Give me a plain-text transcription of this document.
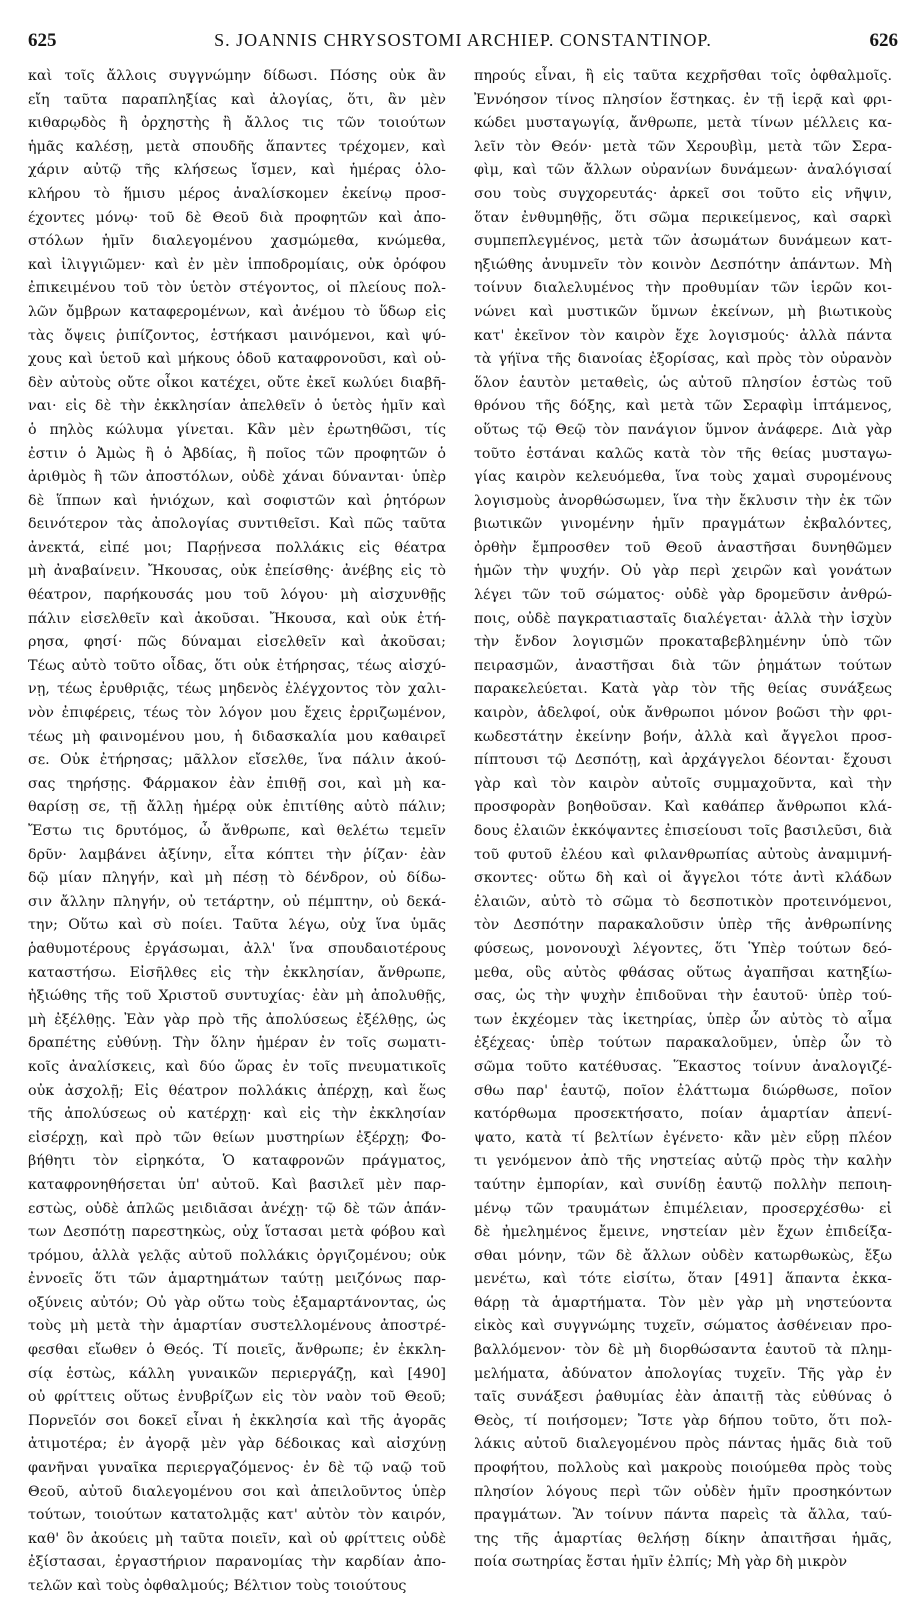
625	S. JOANNIS CHRYSOSTOMI ARCHIEP. CONSTANTINOP.	626
καὶ τοῖς ἄλλοις συγγνώμην δίδωσι. Πόσης οὐκ ἂν
εἴη ταῦτα παραπληξίας καὶ ἀλογίας, ὅτι, ἂν μὲν
κιθαρῳδὸς ἢ ὀρχηστὴς ἢ ἄλλος τις τῶν τοιούτων
ἡμᾶς καλέσῃ, μετὰ σπουδῆς ἅπαντες τρέχομεν, καὶ
χάριν αὐτῷ τῆς κλήσεως ἴσμεν, καὶ ἡμέρας ὁλο-
κλήρου τὸ ἥμισυ μέρος ἀναλίσκομεν ἐκείνῳ προσ-
έχοντες μόνῳ· τοῦ δὲ Θεοῦ διὰ προφητῶν καὶ ἀπο-
στόλων ἡμῖν διαλεγομένου χασμώμεθα, κνώμεθα,
καὶ ἰλιγγιῶμεν· καὶ ἐν μὲν ἱπποδρομίαις, οὐκ ὀρόφου
ἐπικειμένου τοῦ τὸν ὑετὸν στέγοντος, οἱ πλείους πολ-
λῶν ὄμβρων καταφερομένων, καὶ ἀνέμου τὸ ὕδωρ εἰς
τὰς ὄψεις ῥιπίζοντος, ἑστήκασι μαινόμενοι, καὶ ψύ-
χους καὶ ὑετοῦ καὶ μήκους ὁδοῦ καταφρονοῦσι, καὶ οὐ-
δὲν αὐτοὺς οὔτε οἶκοι κατέχει, οὔτε ἐκεῖ κωλύει διαβῆ-
ναι· εἰς δὲ τὴν ἐκκλησίαν ἀπελθεῖν ὁ ὑετὸς ἡμῖν καὶ
ὁ πηλὸς κώλυμα γίνεται. Κἂν μὲν ἐρωτηθῶσι, τίς
ἐστιν ὁ Ἀμὼς ἢ ὁ Ἀβδίας, ἢ ποῖος τῶν προφητῶν ὁ
ἀριθμὸς ἢ τῶν ἀποστόλων, οὐδὲ χάναι δύνανται· ὑπὲρ
δὲ ἵππων καὶ ἡνιόχων, καὶ σοφιστῶν καὶ ῥητόρων
δεινότερον τὰς ἀπολογίας συντιθεῖσι. Καὶ πῶς ταῦτα
ἀνεκτά, εἰπέ μοι; Παρῄνεσα πολλάκις εἰς θέατρα
μὴ ἀναβαίνειν. Ἤκουσας, οὐκ ἐπείσθης· ἀνέβης εἰς τὸ
θέατρον, παρήκουσάς μου τοῦ λόγου· μὴ αἰσχυνθῇς
πάλιν εἰσελθεῖν καὶ ἀκοῦσαι. Ἤκουσα, καὶ οὐκ ἐτή-
ρησα, φησί· πῶς δύναμαι εἰσελθεῖν καὶ ἀκοῦσαι;
Τέως αὐτὸ τοῦτο οἶδας, ὅτι οὐκ ἐτήρησας, τέως αἰσχύ-
νῃ, τέως ἐρυθριᾷς, τέως μηδενὸς ἐλέγχοντος τὸν χαλι-
νὸν ἐπιφέρεις, τέως τὸν λόγον μου ἔχεις ἐρριζωμένον,
τέως μὴ φαινομένου μου, ἡ διδασκαλία μου καθαιρεῖ
σε. Οὐκ ἐτήρησας; μᾶλλον εἴσελθε, ἵνα πάλιν ἀκού-
σας τηρήσῃς. Φάρμακον ἐὰν ἐπιθῇ σοι, καὶ μὴ κα-
θαρίσῃ σε, τῇ ἄλλῃ ἡμέρᾳ οὐκ ἐπιτίθης αὐτὸ πάλιν;
Ἔστω τις δρυτόμος, ὦ ἄνθρωπε, καὶ θελέτω τεμεῖν
δρῦν· λαμβάνει ἀξίνην, εἶτα κόπτει τὴν ῥίζαν· ἐὰν
δῷ μίαν πληγήν, καὶ μὴ πέσῃ τὸ δένδρον, οὐ δίδω-
σιν ἄλλην πληγήν, οὐ τετάρτην, οὐ πέμπτην, οὐ δεκά-
την; Οὕτω καὶ σὺ ποίει. Ταῦτα λέγω, οὐχ ἵνα ὑμᾶς
ῥαθυμοτέρους ἐργάσωμαι, ἀλλ' ἵνα σπουδαιοτέρους
καταστήσω. Εἰσῆλθες εἰς τὴν ἐκκλησίαν, ἄνθρωπε,
ἠξιώθης τῆς τοῦ Χριστοῦ συντυχίας· ἐὰν μὴ ἀπολυθῇς,
μὴ ἐξέλθῃς. Ἐὰν γὰρ πρὸ τῆς ἀπολύσεως ἐξέλθῃς, ὡς
δραπέτης εὐθύνῃ. Τὴν ὅλην ἡμέραν ἐν τοῖς σωματι-
κοῖς ἀναλίσκεις, καὶ δύο ὥρας ἐν τοῖς πνευματικοῖς
οὐκ ἀσχολῇ; Εἰς θέατρον πολλάκις ἀπέρχῃ, καὶ ἕως
τῆς ἀπολύσεως οὐ κατέρχῃ· καὶ εἰς τὴν ἐκκλησίαν
εἰσέρχῃ, καὶ πρὸ τῶν θείων μυστηρίων ἐξέρχῃ; Φο-
βήθητι τὸν εἰρηκότα, Ὁ καταφρονῶν πράγματος,
καταφρονηθήσεται ὑπ' αὐτοῦ. Καὶ βασιλεῖ μὲν παρ-
εστὼς, οὐδὲ ἁπλῶς μειδιᾶσαι ἀνέχῃ· τῷ δὲ τῶν ἁπάν-
των Δεσπότῃ παρεστηκὼς, οὐχ ἵστασαι μετὰ φόβου καὶ
τρόμου, ἀλλὰ γελᾷς αὐτοῦ πολλάκις ὀργιζομένου; οὐκ
ἐννοεῖς ὅτι τῶν ἁμαρτημάτων ταύτῃ μειζόνως παρ-
οξύνεις αὐτόν; Οὐ γὰρ οὕτω τοὺς ἐξαμαρτάνοντας, ὡς
τοὺς μὴ μετὰ τὴν ἁμαρτίαν συστελλομένους ἀποστρέ-
φεσθαι εἴωθεν ὁ Θεός. Τί ποιεῖς, ἄνθρωπε; ἐν ἐκκλη-
σίᾳ ἑστὼς, κάλλη γυναικῶν περιεργάζῃ, καὶ [490]
οὐ φρίττεις οὕτως ἐνυβρίζων εἰς τὸν ναὸν τοῦ Θεοῦ;
Πορνεῖόν σοι δοκεῖ εἶναι ἡ ἐκκλησία καὶ τῆς ἀγορᾶς
ἀτιμοτέρα; ἐν ἀγορᾷ μὲν γὰρ δέδοικας καὶ αἰσχύνῃ
φανῆναι γυναῖκα περιεργαζόμενος· ἐν δὲ τῷ ναῷ τοῦ
Θεοῦ, αὐτοῦ διαλεγομένου σοι καὶ ἀπειλοῦντος ὑπὲρ
τούτων, τοιούτων κατατολμᾷς κατ' αὐτὸν τὸν καιρόν,
καθ' ὃν ἀκούεις μὴ ταῦτα ποιεῖν, καὶ οὐ φρίττεις οὐδὲ
ἐξίστασαι, ἐργαστήριον παρανομίας τὴν καρδίαν ἀπο-
τελῶν καὶ τοὺς ὀφθαλμούς; Βέλτιον τοὺς τοιούτους
πηρούς εἶναι, ἢ εἰς ταῦτα κεχρῆσθαι τοῖς ὀφθαλμοῖς.
Ἐννόησον τίνος πλησίον ἕστηκας. ἐν τῇ ἱερᾷ καὶ φρι-
κώδει μυσταγωγίᾳ, ἄνθρωπε, μετὰ τίνων μέλλεις κα-
λεῖν τὸν Θεόν· μετὰ τῶν Χερουβὶμ, μετὰ τῶν Σερα-
φὶμ, καὶ τῶν ἄλλων οὐρανίων δυνάμεων· ἀναλόγισαί
σου τοὺς συγχορευτάς· ἀρκεῖ σοι τοῦτο εἰς νῆψιν,
ὅταν ἐνθυμηθῇς, ὅτι σῶμα περικείμενος, καὶ σαρκὶ
συμπεπλεγμένος, μετὰ τῶν ἀσωμάτων δυνάμεων κατ-
ηξιώθης ἀνυμνεῖν τὸν κοινὸν Δεσπότην ἁπάντων. Μὴ
τοίνυν διαλελυμένος τὴν προθυμίαν τῶν ἱερῶν κοι-
νώνει καὶ μυστικῶν ὕμνων ἐκείνων, μὴ βιωτικοὺς
κατ' ἐκεῖνον τὸν καιρὸν ἔχε λογισμούς· ἀλλὰ πάντα
τὰ γήϊνα τῆς διανοίας ἐξορίσας, καὶ πρὸς τὸν οὐρανὸν
ὅλον ἑαυτὸν μεταθεὶς, ὡς αὐτοῦ πλησίον ἑστὼς τοῦ
θρόνου τῆς δόξης, καὶ μετὰ τῶν Σεραφὶμ ἱπτάμενος,
οὕτως τῷ Θεῷ τὸν πανάγιον ὕμνον ἀνάφερε. Διὰ γὰρ
τοῦτο ἑστάναι καλῶς κατὰ τὸν τῆς θείας μυσταγω-
γίας καιρὸν κελευόμεθα, ἵνα τοὺς χαμαὶ συρομένους
λογισμοὺς ἀνορθώσωμεν, ἵνα τὴν ἔκλυσιν τὴν ἐκ τῶν
βιωτικῶν γινομένην ἡμῖν πραγμάτων ἐκβαλόντες,
ὀρθὴν ἔμπροσθεν τοῦ Θεοῦ ἀναστῆσαι δυνηθῶμεν
ἡμῶν τὴν ψυχήν. Οὐ γὰρ περὶ χειρῶν καὶ γονάτων
λέγει τῶν τοῦ σώματος· οὐδὲ γὰρ δρομεῦσιν ἀνθρώ-
ποις, οὐδὲ παγκρατιασταῖς διαλέγεται· ἀλλὰ τὴν ἰσχὺν
τὴν ἔνδον λογισμῶν προκαταβεβλημένην ὑπὸ τῶν
πειρασμῶν, ἀναστῆσαι διὰ τῶν ῥημάτων τούτων
παρακελεύεται. Κατὰ γὰρ τὸν τῆς θείας συνάξεως
καιρὸν, ἀδελφοί, οὐκ ἄνθρωποι μόνον βοῶσι τὴν φρι-
κωδεστάτην ἐκείνην βοήν, ἀλλὰ καὶ ἄγγελοι προσ-
πίπτουσι τῷ Δεσπότῃ, καὶ ἀρχάγγελοι δέονται· ἔχουσι
γὰρ καὶ τὸν καιρὸν αὐτοῖς συμμαχοῦντα, καὶ τὴν
προσφορὰν βοηθοῦσαν. Καὶ καθάπερ ἄνθρωποι κλά-
δους ἐλαιῶν ἐκκόψαντες ἐπισείουσι τοῖς βασιλεῦσι, διὰ
τοῦ φυτοῦ ἐλέου καὶ φιλανθρωπίας αὐτοὺς ἀναμιμνή-
σκοντες· οὕτω δὴ καὶ οἱ ἄγγελοι τότε ἀντὶ κλάδων
ἐλαιῶν, αὐτὸ τὸ σῶμα τὸ δεσποτικὸν προτεινόμενοι,
τὸν Δεσπότην παρακαλοῦσιν ὑπὲρ τῆς ἀνθρωπίνης
φύσεως, μονονουχὶ λέγοντες, ὅτι Ὑπὲρ τούτων δεό-
μεθα, οὓς αὐτὸς φθάσας οὕτως ἀγαπῆσαι κατηξίω-
σας, ὡς τὴν ψυχὴν ἐπιδοῦναι τὴν ἑαυτοῦ· ὑπὲρ τού-
των ἐκχέομεν τὰς ἱκετηρίας, ὑπὲρ ὧν αὐτὸς τὸ αἷμα
ἐξέχεας· ὑπὲρ τούτων παρακαλοῦμεν, ὑπὲρ ὧν τὸ
σῶμα τοῦτο κατέθυσας. Ἕκαστος τοίνυν ἀναλογιζέ-
σθω παρ' ἑαυτῷ, ποῖον ἐλάττωμα διώρθωσε, ποῖον
κατόρθωμα προσεκτήσατο, ποίαν ἁμαρτίαν ἀπενί-
ψατο, κατὰ τί βελτίων ἐγένετο· κἂν μὲν εὕρῃ πλέον
τι γενόμενον ἀπὸ τῆς νηστείας αὐτῷ πρὸς τὴν καλὴν
ταύτην ἐμπορίαν, καὶ συνίδῃ ἑαυτῷ πολλὴν πεποιη-
μένῳ τῶν τραυμάτων ἐπιμέλειαν, προσερχέσθω· εἰ
δὲ ἠμελημένος ἔμεινε, νηστείαν μὲν ἔχων ἐπιδείξα-
σθαι μόνην, τῶν δὲ ἄλλων οὐδὲν κατωρθωκὼς, ἔξω
μενέτω, καὶ τότε εἰσίτω, ὅταν [491] ἅπαντα ἐκκα-
θάρῃ τὰ ἁμαρτήματα. Τὸν μὲν γὰρ μὴ νηστεύοντα
εἰκὸς καὶ συγγνώμης τυχεῖν, σώματος ἀσθένειαν προ-
βαλλόμενον· τὸν δὲ μὴ διορθώσαντα ἑαυτοῦ τὰ πλημ-
μελήματα, ἀδύνατον ἀπολογίας τυχεῖν. Τῆς γὰρ ἐν
ταῖς συνάξεσι ῥαθυμίας ἐὰν ἀπαιτῇ τὰς εὐθύνας ὁ
Θεὸς, τί ποιήσομεν; Ἴστε γὰρ δήπου τοῦτο, ὅτι πολ-
λάκις αὐτοῦ διαλεγομένου πρὸς πάντας ἡμᾶς διὰ τοῦ
προφήτου, πολλοὺς καὶ μακροὺς ποιούμεθα πρὸς τοὺς
πλησίον λόγους περὶ τῶν οὐδὲν ἡμῖν προσηκόντων
πραγμάτων. Ἂν τοίνυν πάντα παρεὶς τὰ ἄλλα, ταύ-
της τῆς ἁμαρτίας θελήσῃ δίκην ἀπαιτῆσαι ἡμᾶς,
ποία σωτηρίας ἔσται ἡμῖν ἐλπίς; Μὴ γὰρ δὴ μικρὸν
